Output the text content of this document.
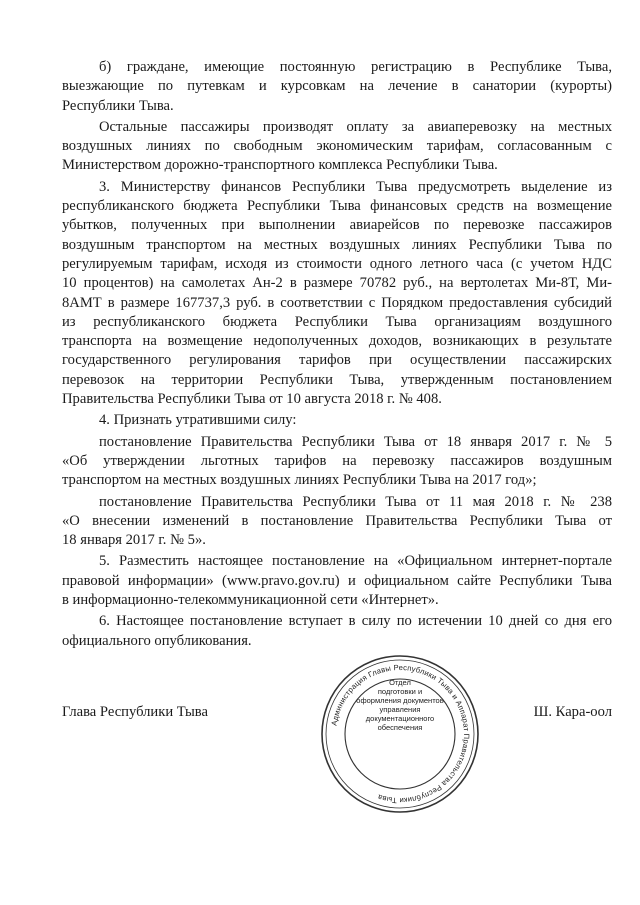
б) граждане, имеющие постоянную регистрацию в Республике Тыва,
выезжающие по путевкам и курсовкам на лечение в санатории (курорты)
Республики Тыва.
Остальные пассажиры производят оплату за авиаперевозку на местных
воздушных линиях по свободным экономическим тарифам, согласованным с
Министерством дорожно-транспортного комплекса Республики Тыва.
3. Министерству финансов Республики Тыва предусмотреть выделение из
республиканского бюджета Республики Тыва финансовых средств на возмещение
убытков, полученных при выполнении авиарейсов по перевозке пассажиров
воздушным транспортом на местных воздушных линиях Республики Тыва по
регулируемым тарифам, исходя из стоимости одного летного часа (с учетом НДС
10 процентов) на самолетах Ан-2 в размере 70782 руб., на вертолетах Ми-8Т, Ми-
8АМТ в размере 167737,3 руб. в соответствии с Порядком предоставления субсидий
из республиканского бюджета Республики Тыва организациям воздушного
транспорта на возмещение недополученных доходов, возникающих в результате
государственного регулирования тарифов при осуществлении пассажирских
перевозок на территории Республики Тыва, утвержденным постановлением
Правительства Республики Тыва от 10 августа 2018 г. № 408.
4. Признать утратившими силу:
постановление Правительства Республики Тыва от 18 января 2017 г. № 5
«Об утверждении льготных тарифов на перевозку пассажиров воздушным
транспортом на местных воздушных линиях Республики Тыва на 2017 год»;
постановление Правительства Республики Тыва от 11 мая 2018 г. № 238
«О внесении изменений в постановление Правительства Республики Тыва от
18 января 2017 г. № 5».
5. Разместить настоящее постановление на «Официальном интернет-портале
правовой информации» (www.pravo.gov.ru) и официальном сайте Республики Тыва
в информационно-телекоммуникационной сети «Интернет».
6. Настоящее постановление вступает в силу по истечении 10 дней со дня его
официального опубликования.
Глава Республики Тыва	Ш. Кара-оол
Администрация Главы Республики Тыва и Аппарат Правительства Республики Тыва
Отдел
подготовки и
оформления документов
управления
документационного
обеспечения
